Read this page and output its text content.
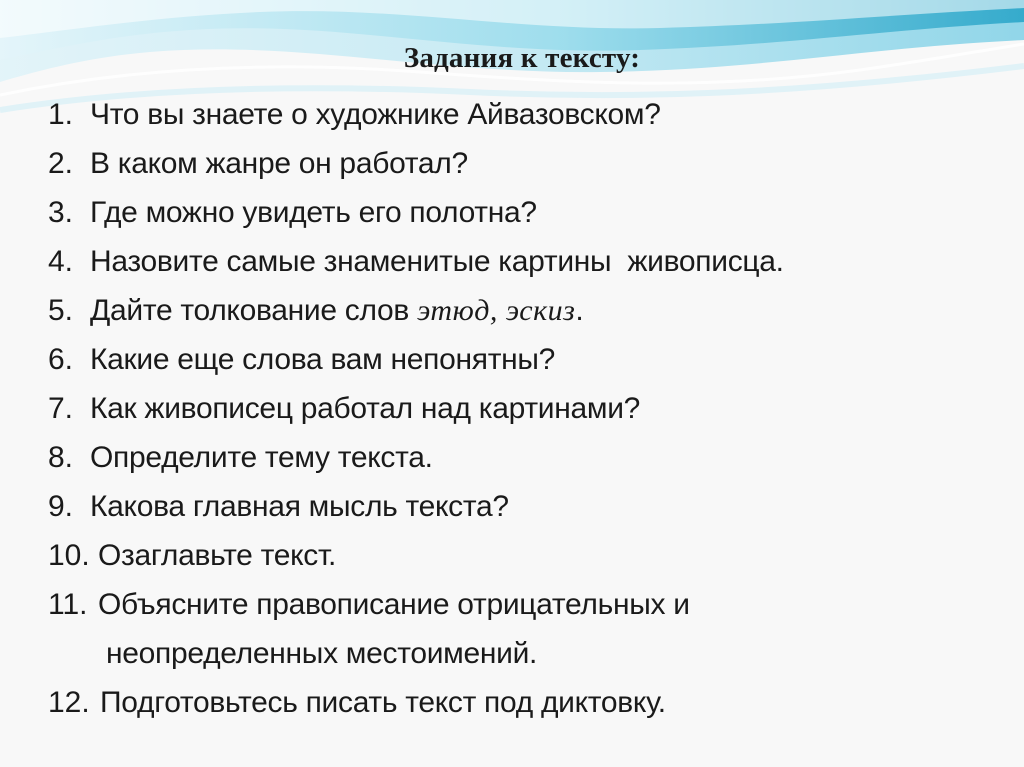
Задания к тексту:
1. Что вы знаете о художнике Айвазовском?
2. В каком жанре он работал?
3. Где можно увидеть его полотна?
4. Назовите самые знаменитые картины  живописца.
5. Дайте толкование слов этюд, эскиз.
6. Какие еще слова вам непонятны?
7. Как живописец работал над картинами?
8. Определите тему текста.
9. Какова главная мысль текста?
10. Озаглавьте текст.
11. Объясните правописание отрицательных и
неопределенных местоимений.
12. Подготовьтесь писать текст под диктовку.
